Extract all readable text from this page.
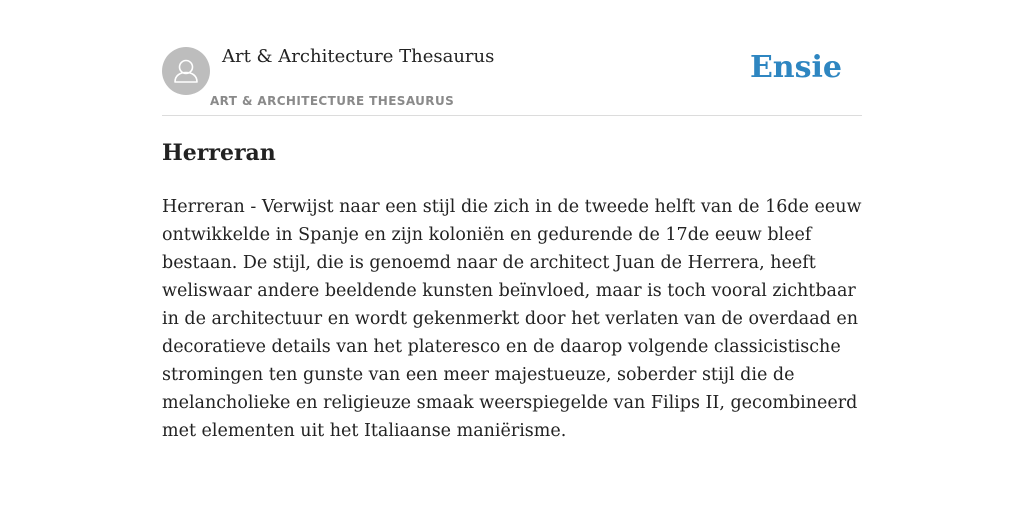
Art & Architecture Thesaurus
ART & ARCHITECTURE THESAURUS
Ensie
Herreran

Herreran - Verwijst naar een stijl die zich in de tweede helft van de 16de eeuw ontwikkelde in Spanje en zijn koloniën en gedurende de 17de eeuw bleef bestaan. De stijl, die is genoemd naar de architect Juan de Herrera, heeft weliswaar andere beeldende kunsten beïnvloed, maar is toch vooral zichtbaar in de architectuur en wordt gekenmerkt door het verlaten van de overdaad en decoratieve details van het plateresco en de daarop volgende classicistische stromingen ten gunste van een meer majestueuze, soberder stijl die de melancholieke en religieuze smaak weerspiegelde van Filips II, gecombineerd met elementen uit het Italiaanse maniërisme.
